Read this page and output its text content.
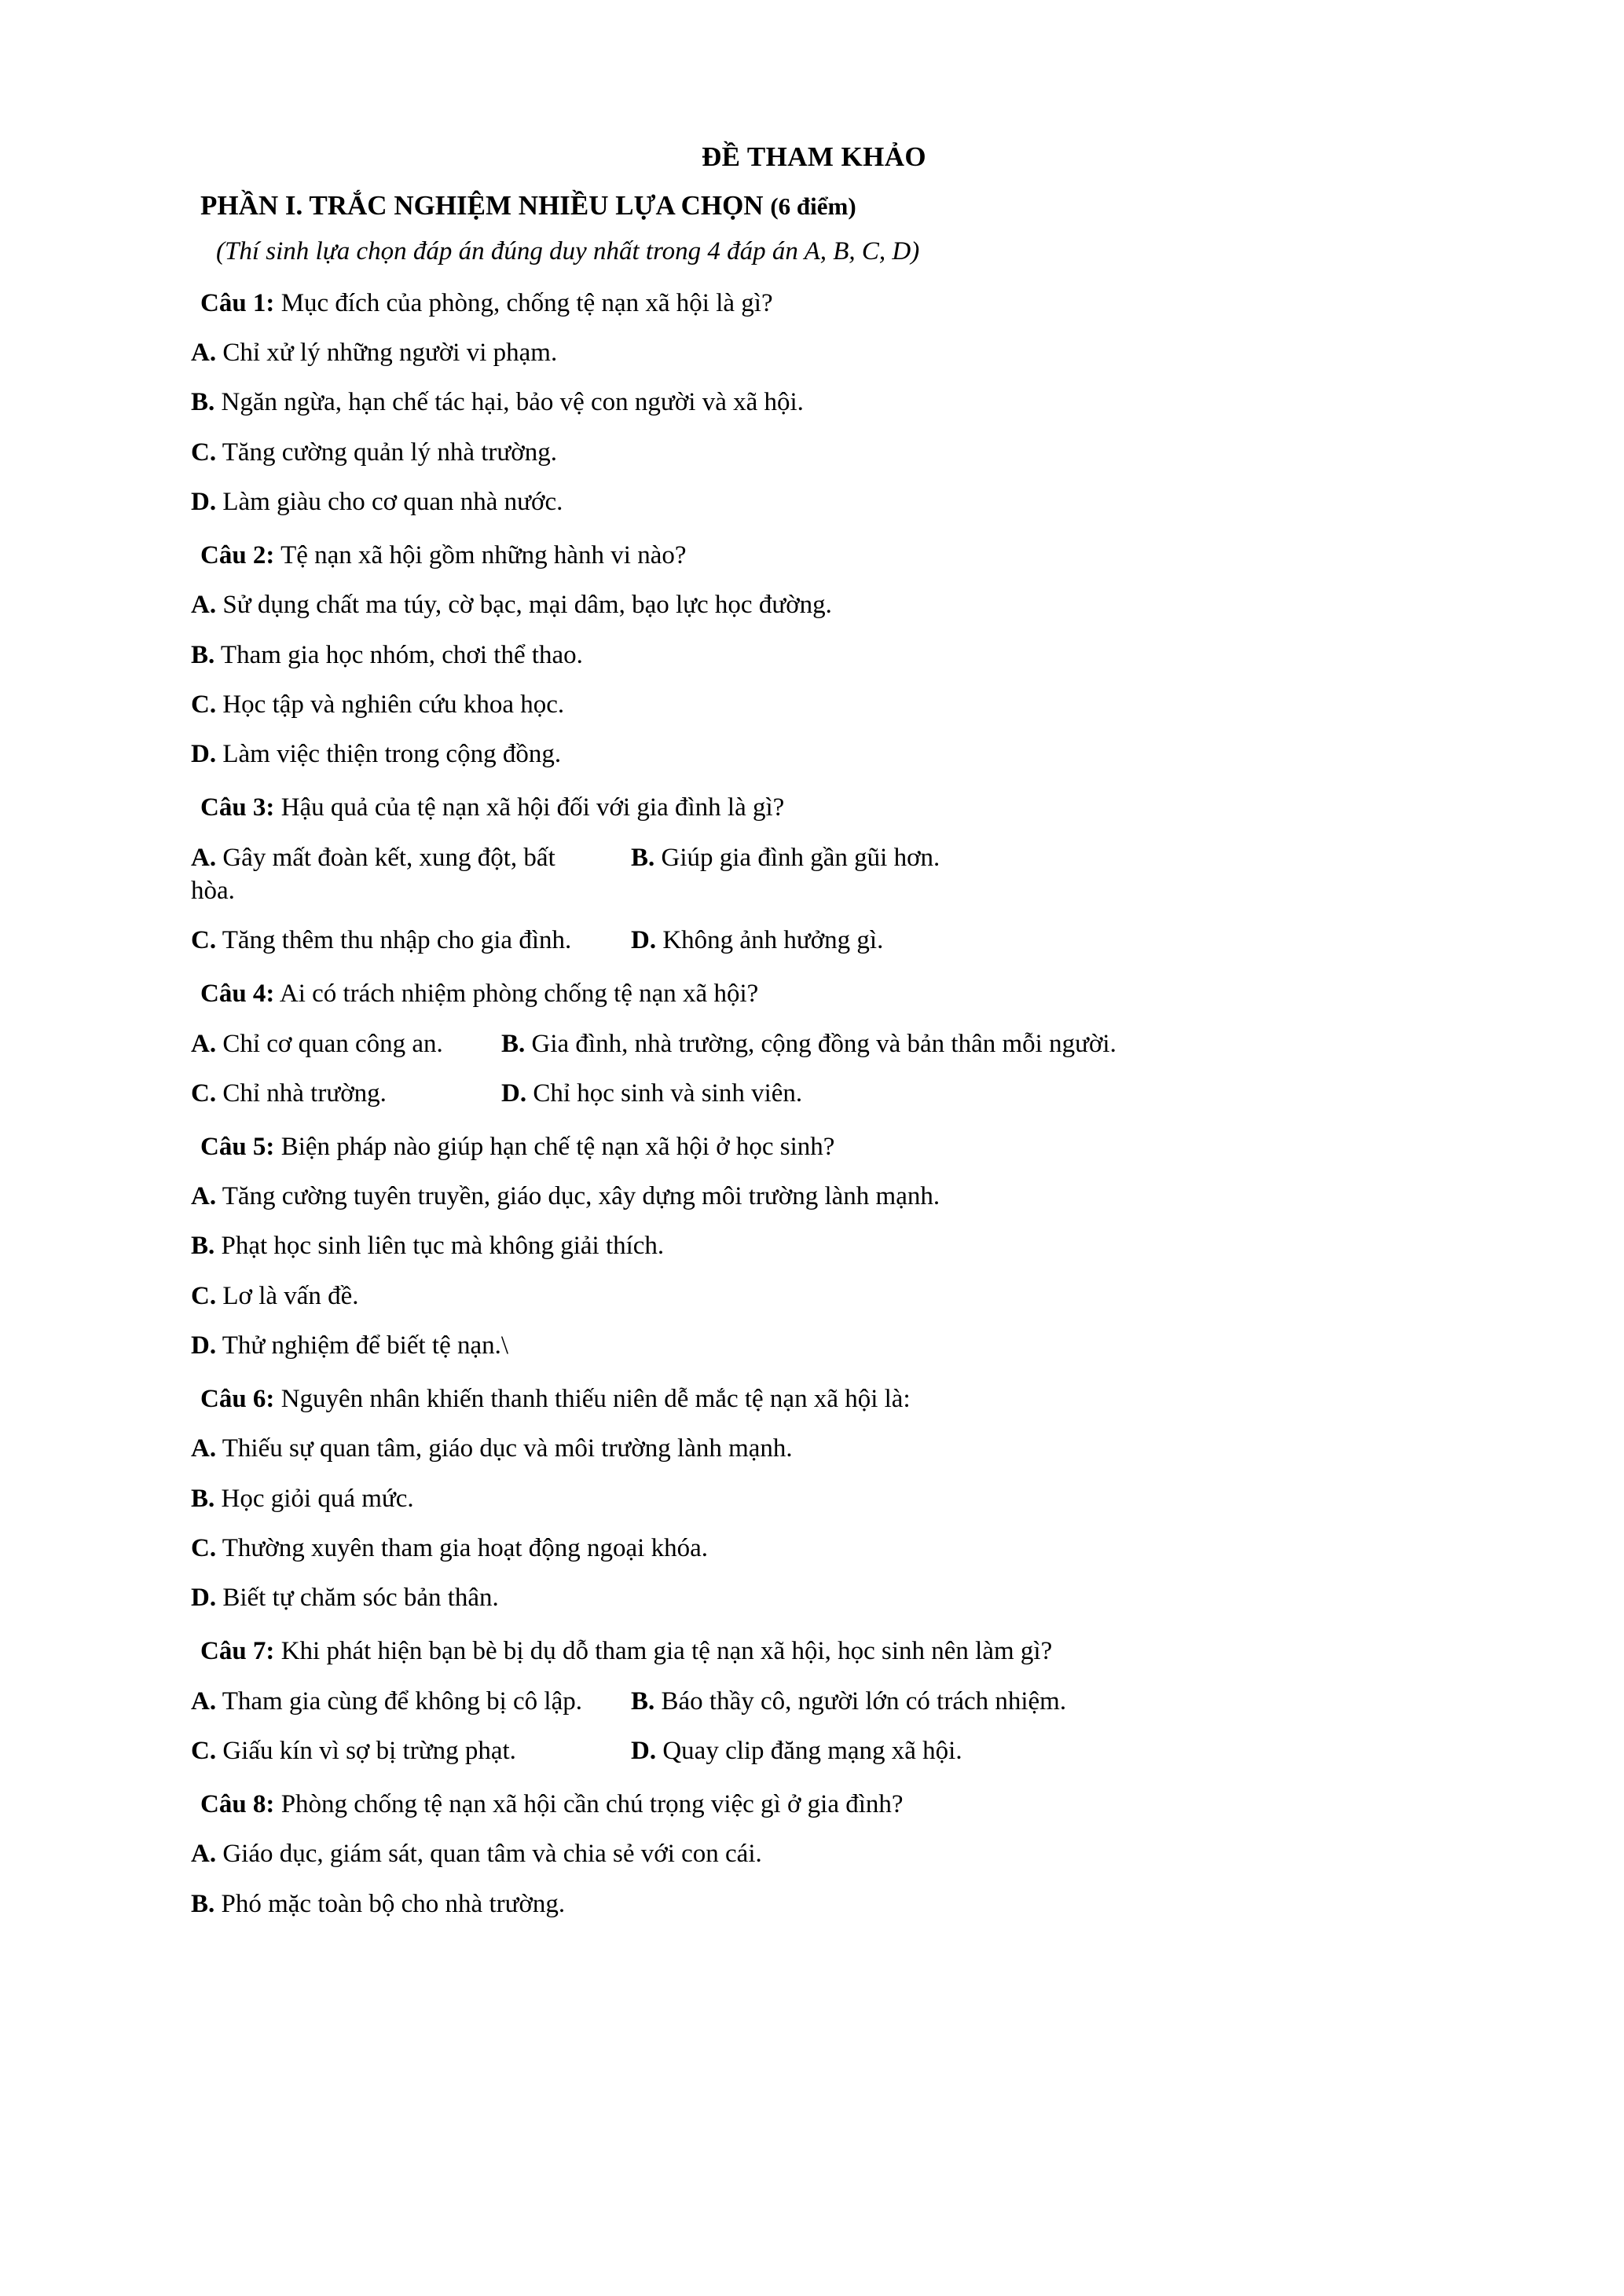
ĐỀ THAM KHẢO
PHẦN I. TRẮC NGHIỆM NHIỀU LỰA CHỌN (6 điểm)
(Thí sinh lựa chọn đáp án đúng duy nhất trong 4 đáp án A, B, C, D)
Câu 1: Mục đích của phòng, chống tệ nạn xã hội là gì?
A. Chỉ xử lý những người vi phạm.
B. Ngăn ngừa, hạn chế tác hại, bảo vệ con người và xã hội.
C. Tăng cường quản lý nhà trường.
D. Làm giàu cho cơ quan nhà nước.
Câu 2: Tệ nạn xã hội gồm những hành vi nào?
A. Sử dụng chất ma túy, cờ bạc, mại dâm, bạo lực học đường.
B. Tham gia học nhóm, chơi thể thao.
C. Học tập và nghiên cứu khoa học.
D. Làm việc thiện trong cộng đồng.
Câu 3: Hậu quả của tệ nạn xã hội đối với gia đình là gì?
A. Gây mất đoàn kết, xung đột, bất hòa.
B. Giúp gia đình gần gũi hơn.
C. Tăng thêm thu nhập cho gia đình.	D. Không ảnh hưởng gì.
Câu 4: Ai có trách nhiệm phòng chống tệ nạn xã hội?
A. Chỉ cơ quan công an.	B. Gia đình, nhà trường, cộng đồng và bản thân mỗi người.
C. Chỉ nhà trường.	D. Chỉ học sinh và sinh viên.
Câu 5: Biện pháp nào giúp hạn chế tệ nạn xã hội ở học sinh?
A. Tăng cường tuyên truyền, giáo dục, xây dựng môi trường lành mạnh.
B. Phạt học sinh liên tục mà không giải thích.
C. Lơ là vấn đề.
D. Thử nghiệm để biết tệ nạn.\
Câu 6: Nguyên nhân khiến thanh thiếu niên dễ mắc tệ nạn xã hội là:
A. Thiếu sự quan tâm, giáo dục và môi trường lành mạnh.
B. Học giỏi quá mức.
C. Thường xuyên tham gia hoạt động ngoại khóa.
D. Biết tự chăm sóc bản thân.
Câu 7: Khi phát hiện bạn bè bị dụ dỗ tham gia tệ nạn xã hội, học sinh nên làm gì?
A. Tham gia cùng để không bị cô lập.	B. Báo thầy cô, người lớn có trách nhiệm.
C. Giấu kín vì sợ bị trừng phạt.	D. Quay clip đăng mạng xã hội.
Câu 8: Phòng chống tệ nạn xã hội cần chú trọng việc gì ở gia đình?
A. Giáo dục, giám sát, quan tâm và chia sẻ với con cái.
B. Phó mặc toàn bộ cho nhà trường.
